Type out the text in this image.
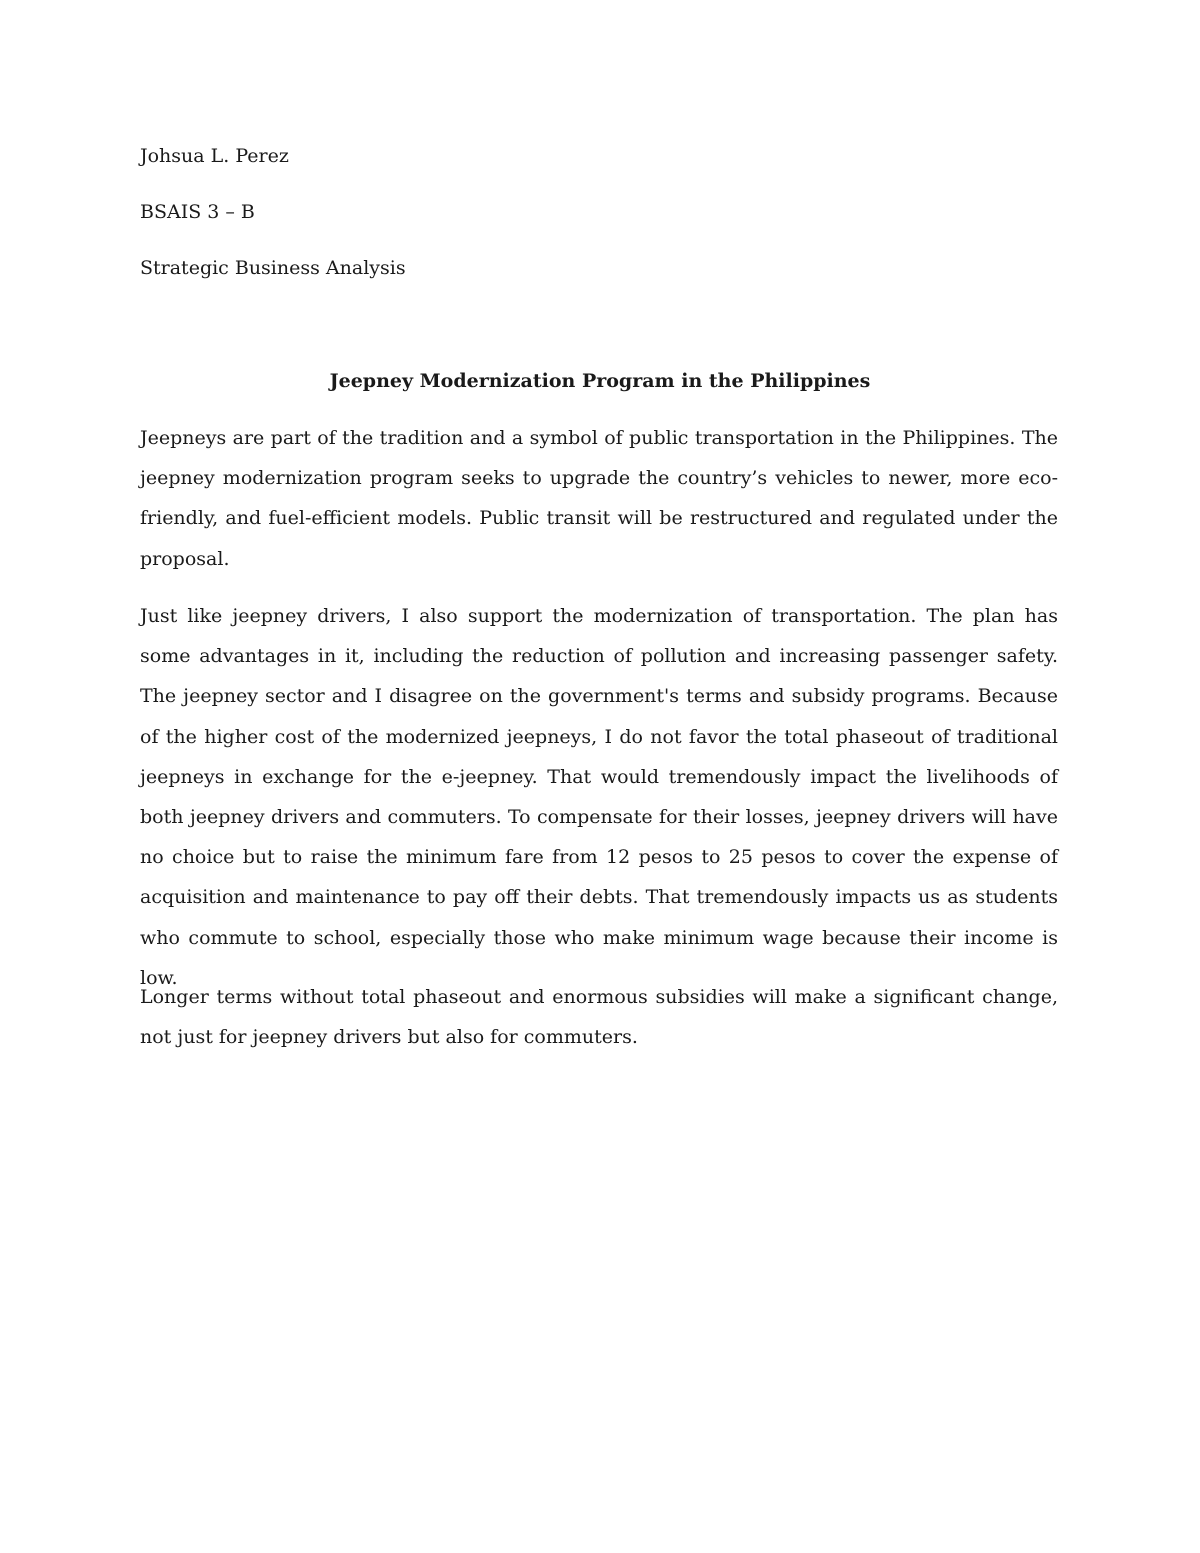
Johsua L. Perez
BSAIS 3 – B
Strategic Business Analysis
Jeepney Modernization Program in the Philippines

Jeepneys are part of the tradition and a symbol of public transportation in the Philippines. The jeepney modernization program seeks to upgrade the country’s vehicles to newer, more eco-friendly, and fuel-efficient models. Public transit will be restructured and regulated under the proposal.

Just like jeepney drivers, I also support the modernization of transportation. The plan has some advantages in it, including the reduction of pollution and increasing passenger safety. The jeepney sector and I disagree on the government's terms and subsidy programs. Because of the higher cost of the modernized jeepneys, I do not favor the total phaseout of traditional jeepneys in exchange for the e-jeepney. That would tremendously impact the livelihoods of both jeepney drivers and commuters. To compensate for their losses, jeepney drivers will have no choice but to raise the minimum fare from 12 pesos to 25 pesos to cover the expense of acquisition and maintenance to pay off their debts. That tremendously impacts us as students who commute to school, especially those who make minimum wage because their income is low.

Longer terms without total phaseout and enormous subsidies will make a significant change, not just for jeepney drivers but also for commuters.
